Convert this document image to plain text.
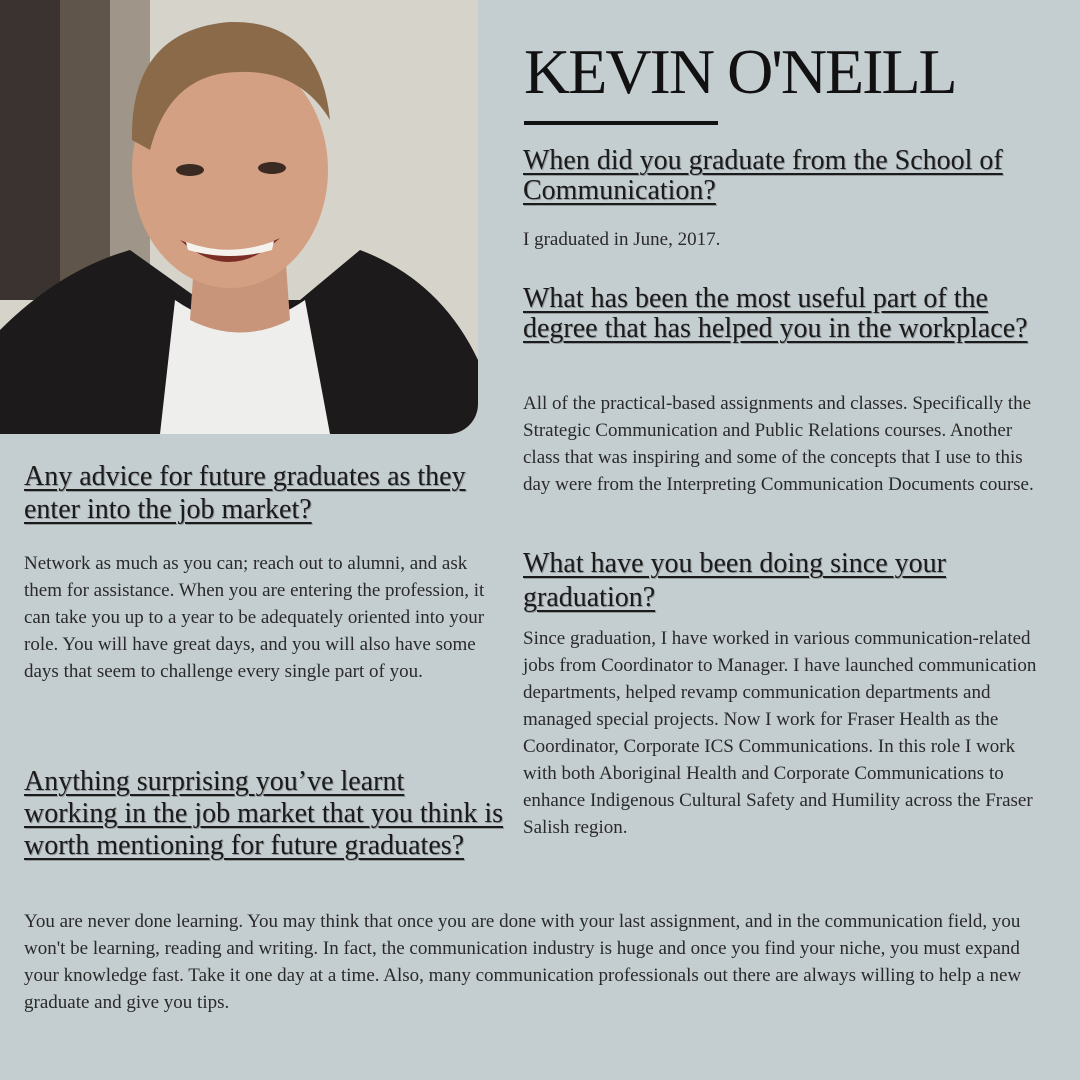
KEVIN O'NEILL
When did you graduate from the School of Communication?

I graduated in June, 2017.

What has been the most useful part of the degree that has helped you in the workplace?

All of the practical-based assignments and classes. Specifically the Strategic Communication and Public Relations courses. Another class that was inspiring and some of the concepts that I use to this day were from the Interpreting Communication Documents course.

What have you been doing since your graduation?

Since graduation, I have worked in various communication-related jobs from Coordinator to Manager. I have launched communication departments, helped revamp communication departments and managed special projects. Now I work for Fraser Health as the Coordinator, Corporate ICS Communications. In this role I work with both Aboriginal Health and Corporate Communications to enhance Indigenous Cultural Safety and Humility across the Fraser Salish region.

Any advice for future graduates as they enter into the job market?

Network as much as you can; reach out to alumni, and ask them for assistance. When you are entering the profession, it can take you up to a year to be adequately oriented into your role. You will have great days, and you will also have some days that seem to challenge every single part of you.

Anything surprising you’ve learnt working in the job market that you think is worth mentioning for future graduates?

You are never done learning. You may think that once you are done with your last assignment, and in the communication field, you won't be learning, reading and writing. In fact, the communication industry is huge and once you find your niche, you must expand your knowledge fast. Take it one day at a time. Also, many communication professionals out there are always willing to help a new graduate and give you tips.
